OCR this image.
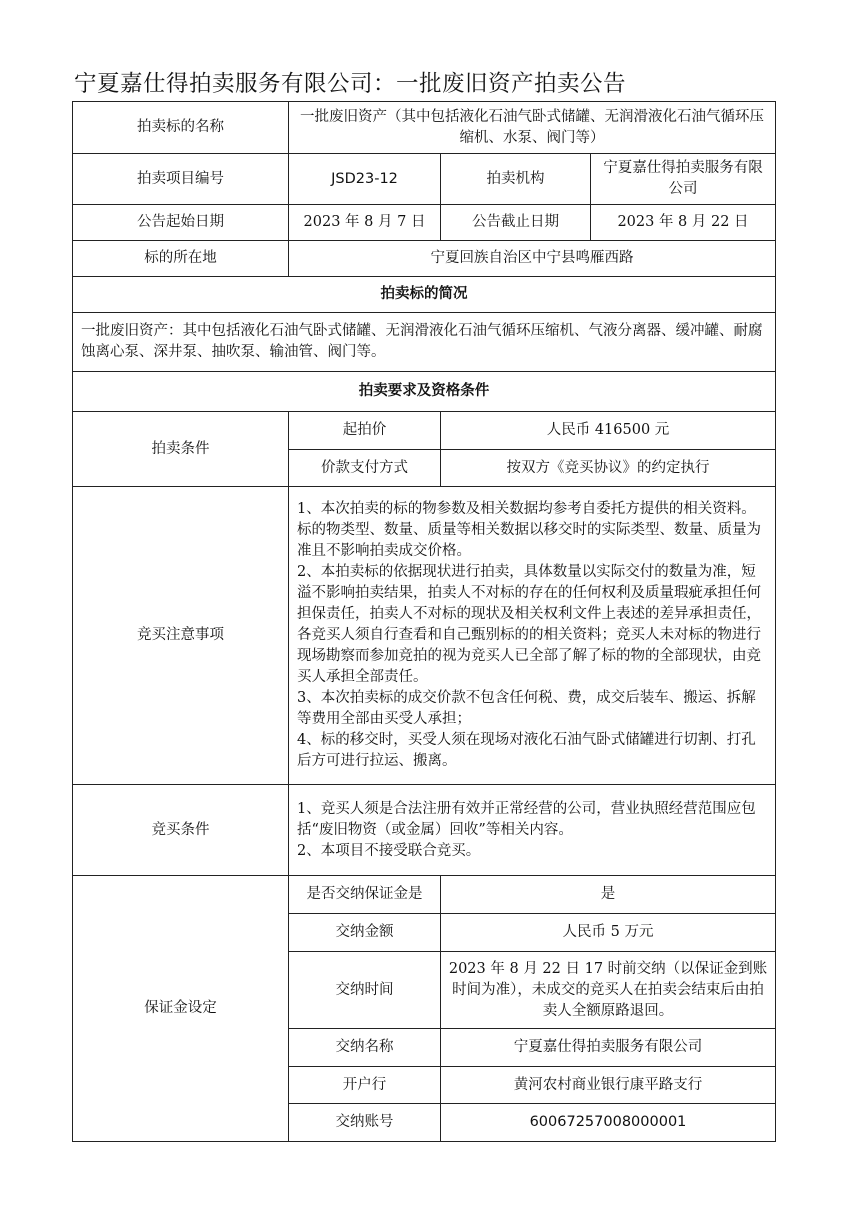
宁夏嘉仕得拍卖服务有限公司：一批废旧资产拍卖公告
拍卖标的名称	一批废旧资产（其中包括液化石油气卧式储罐、无润滑液化石油气循环压缩机、水泵、阀门等）		
拍卖项目编号	JSD23-12	拍卖机构	宁夏嘉仕得拍卖服务有限公司
公告起始日期	2023 年 8 月 7 日	公告截止日期	2023 年 8 月 22 日
标的所在地	宁夏回族自治区中宁县鸣雁西路		
拍卖标的简况			
一批废旧资产：其中包括液化石油气卧式储罐、无润滑液化石油气循环压缩机、气液分离器、缓冲罐、耐腐蚀离心泵、深井泵、抽吹泵、输油管、阀门等。			
拍卖要求及资格条件			
拍卖条件	起拍价	人民币 416500 元	
	价款支付方式	按双方《竞买协议》的约定执行	
竞买注意事项	1、本次拍卖的标的物参数及相关数据均参考自委托方提供的相关资料。标的物类型、数量、质量等相关数据以移交时的实际类型、数量、质量为准且不影响拍卖成交价格。
2、本拍卖标的依据现状进行拍卖，具体数量以实际交付的数量为准，短溢不影响拍卖结果，拍卖人不对标的存在的任何权利及质量瑕疵承担任何担保责任，拍卖人不对标的现状及相关权利文件上表述的差异承担责任，各竞买人须自行查看和自己甄别标的的相关资料；竞买人未对标的物进行现场勘察而参加竞拍的视为竞买人已全部了解了标的物的全部现状，由竞买人承担全部责任。
3、本次拍卖标的成交价款不包含任何税、费，成交后装车、搬运、拆解等费用全部由买受人承担；
4、标的移交时，买受人须在现场对液化石油气卧式储罐进行切割、打孔后方可进行拉运、搬离。		

竞买条件	1、竞买人须是合法注册有效并正常经营的公司，营业执照经营范围应包括“废旧物资（或金属）回收”等相关内容。
2、本项目不接受联合竞买。		

保证金设定	是否交纳保证金是	是	
	交纳金额	人民币 5 万元	
	交纳时间	2023 年 8 月 22 日 17 时前交纳（以保证金到账时间为准），未成交的竞买人在拍卖会结束后由拍卖人全额原路退回。	
	交纳名称	宁夏嘉仕得拍卖服务有限公司	
	开户行	黄河农村商业银行康平路支行	
	交纳账号	60067257008000001	
